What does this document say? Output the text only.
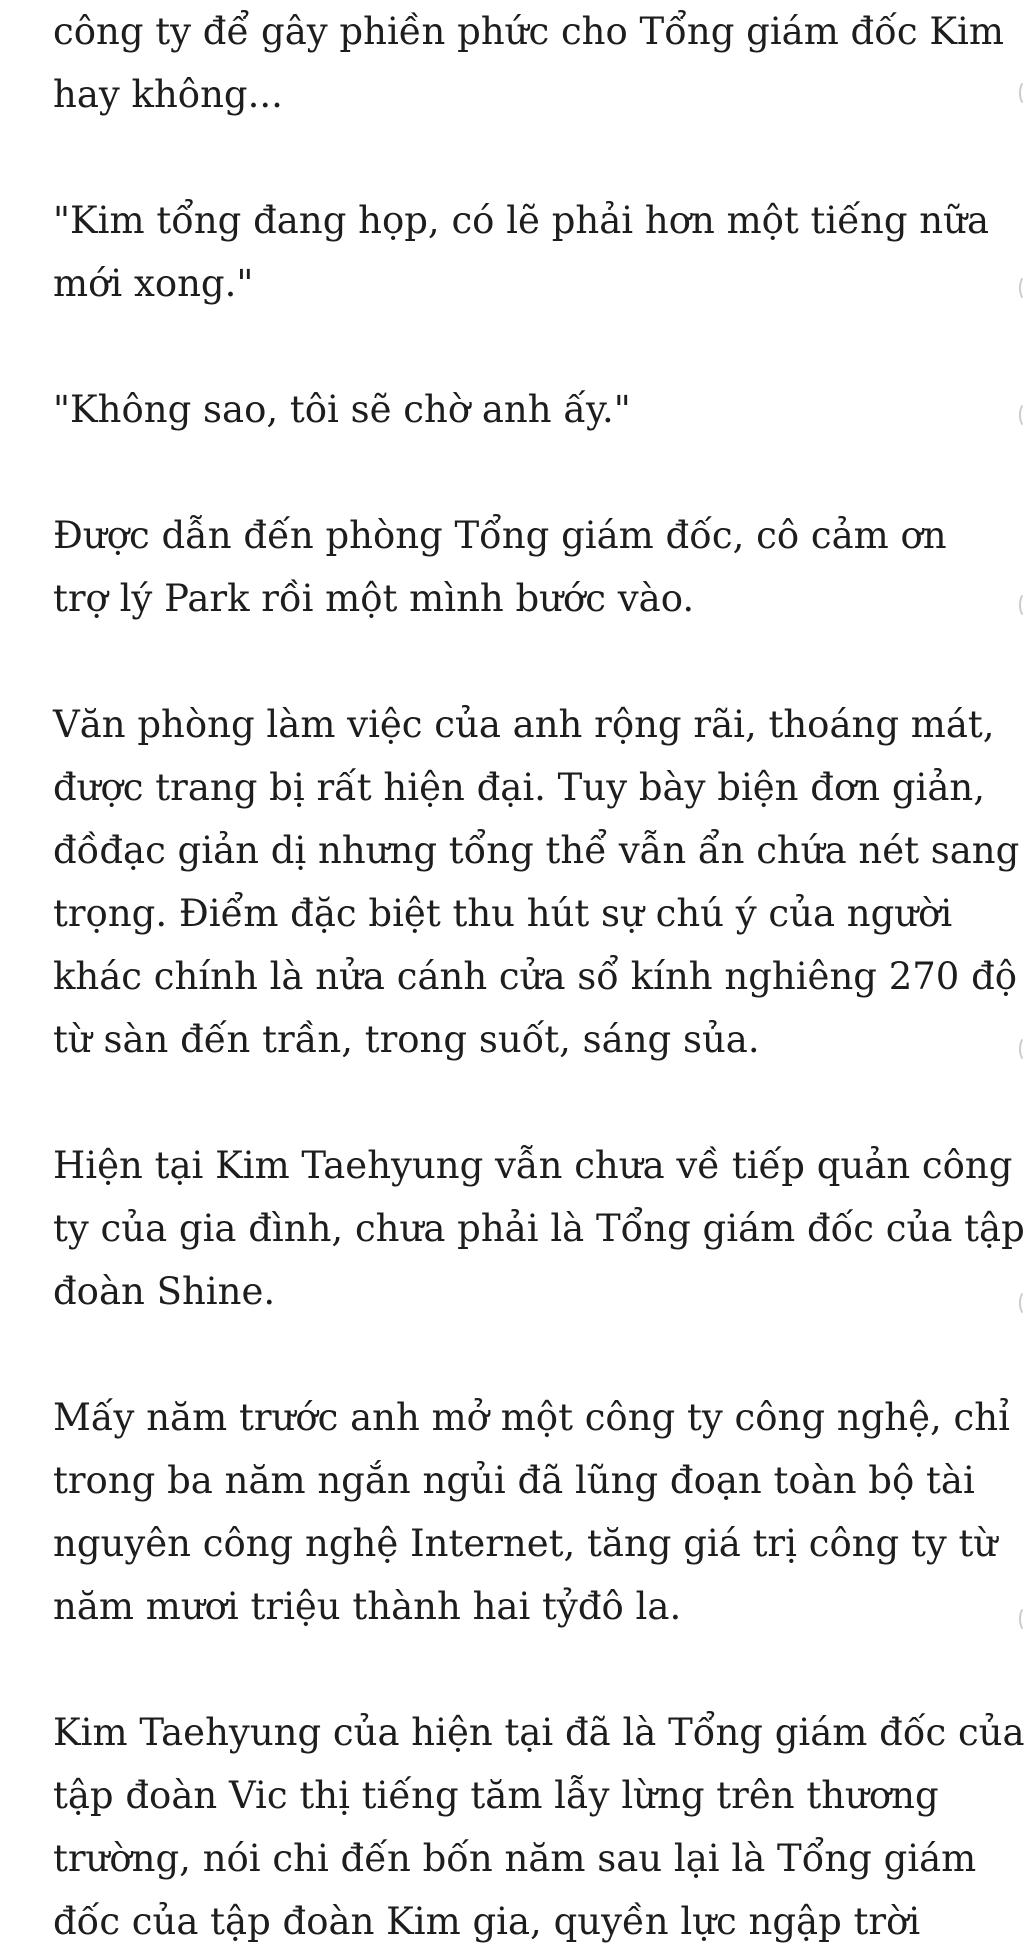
công ty để gây phiền phức cho Tổng giám đốc Kim
hay không...
"Kim tổng đang họp, có lẽ phải hơn một tiếng nữa
mới xong."
"Không sao, tôi sẽ chờ anh ấy."
Được dẫn đến phòng Tổng giám đốc, cô cảm ơn
trợ lý Park rồi một mình bước vào.
Văn phòng làm việc của anh rộng rãi, thoáng mát,
được trang bị rất hiện đại. Tuy bày biện đơn giản,
đồđạc giản dị nhưng tổng thể vẫn ẩn chứa nét sang
trọng. Điểm đặc biệt thu hút sự chú ý của người
khác chính là nửa cánh cửa sổ kính nghiêng 270 độ
từ sàn đến trần, trong suốt, sáng sủa.
Hiện tại Kim Taehyung vẫn chưa về tiếp quản công
ty của gia đình, chưa phải là Tổng giám đốc của tập
đoàn Shine.
Mấy năm trước anh mở một công ty công nghệ, chỉ
trong ba năm ngắn ngủi đã lũng đoạn toàn bộ tài
nguyên công nghệ Internet, tăng giá trị công ty từ
năm mươi triệu thành hai tỷđô la.
Kim Taehyung của hiện tại đã là Tổng giám đốc của
tập đoàn Vic thị tiếng tăm lẫy lừng trên thương
trường, nói chi đến bốn năm sau lại là Tổng giám
đốc của tập đoàn Kim gia, quyền lực ngập trời
